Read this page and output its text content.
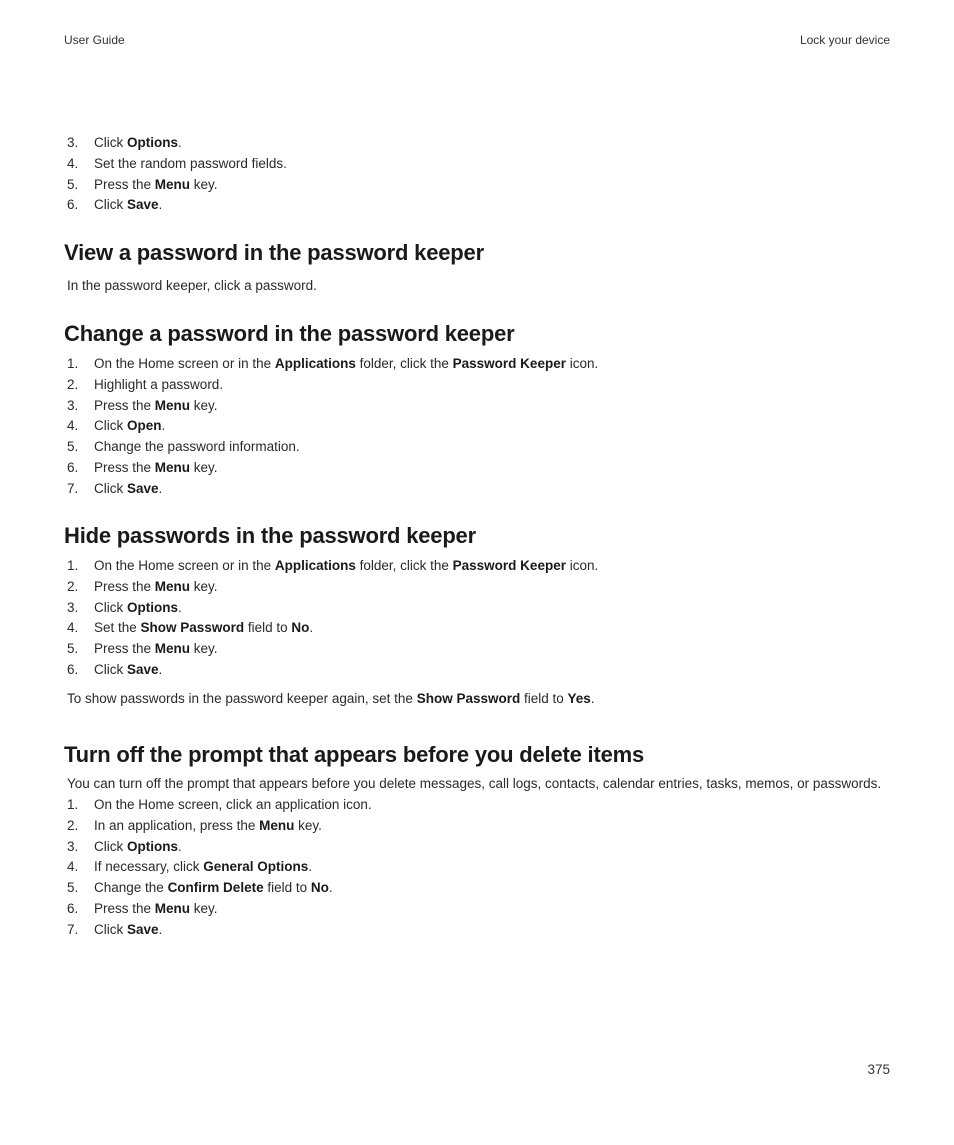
User Guide	Lock your device
3. Click Options.
4. Set the random password fields.
5. Press the Menu key.
6. Click Save.
View a password in the password keeper

In the password keeper, click a password.

Change a password in the password keeper
1. On the Home screen or in the Applications folder, click the Password Keeper icon.
2. Highlight a password.
3. Press the Menu key.
4. Click Open.
5. Change the password information.
6. Press the Menu key.
7. Click Save.
Hide passwords in the password keeper
1. On the Home screen or in the Applications folder, click the Password Keeper icon.
2. Press the Menu key.
3. Click Options.
4. Set the Show Password field to No.
5. Press the Menu key.
6. Click Save.

To show passwords in the password keeper again, set the Show Password field to Yes.

Turn off the prompt that appears before you delete items

You can turn off the prompt that appears before you delete messages, call logs, contacts, calendar entries, tasks, memos, or passwords.

1. On the Home screen, click an application icon.
2. In an application, press the Menu key.
3. Click Options.
4. If necessary, click General Options.
5. Change the Confirm Delete field to No.
6. Press the Menu key.
7. Click Save.
375
